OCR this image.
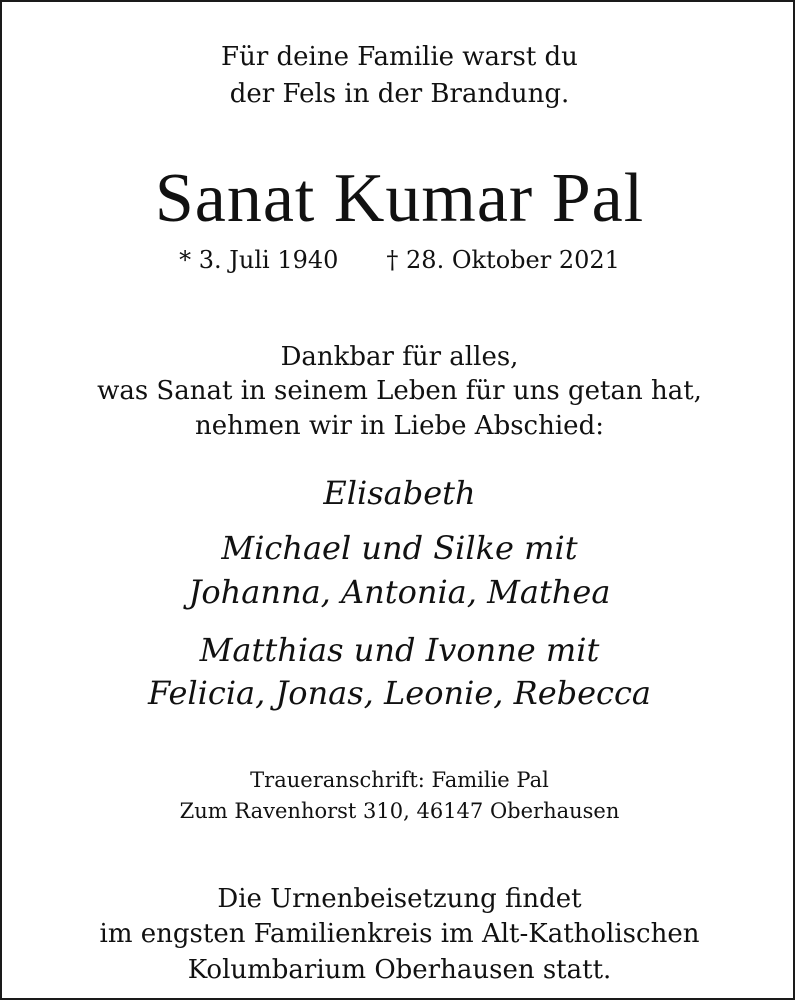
Für deine Familie warst du
der Fels in der Brandung.
Sanat Kumar Pal
* 3. Juli 1940 † 28. Oktober 2021
Dankbar für alles,
was Sanat in seinem Leben für uns getan hat,
nehmen wir in Liebe Abschied:
Elisabeth
Michael und Silke mit
Johanna, Antonia, Mathea
Matthias und Ivonne mit
Felicia, Jonas, Leonie, Rebecca
Traueranschrift: Familie Pal
Zum Ravenhorst 310, 46147 Oberhausen
Die Urnenbeisetzung findet
im engsten Familienkreis im Alt-Katholischen
Kolumbarium Oberhausen statt.
